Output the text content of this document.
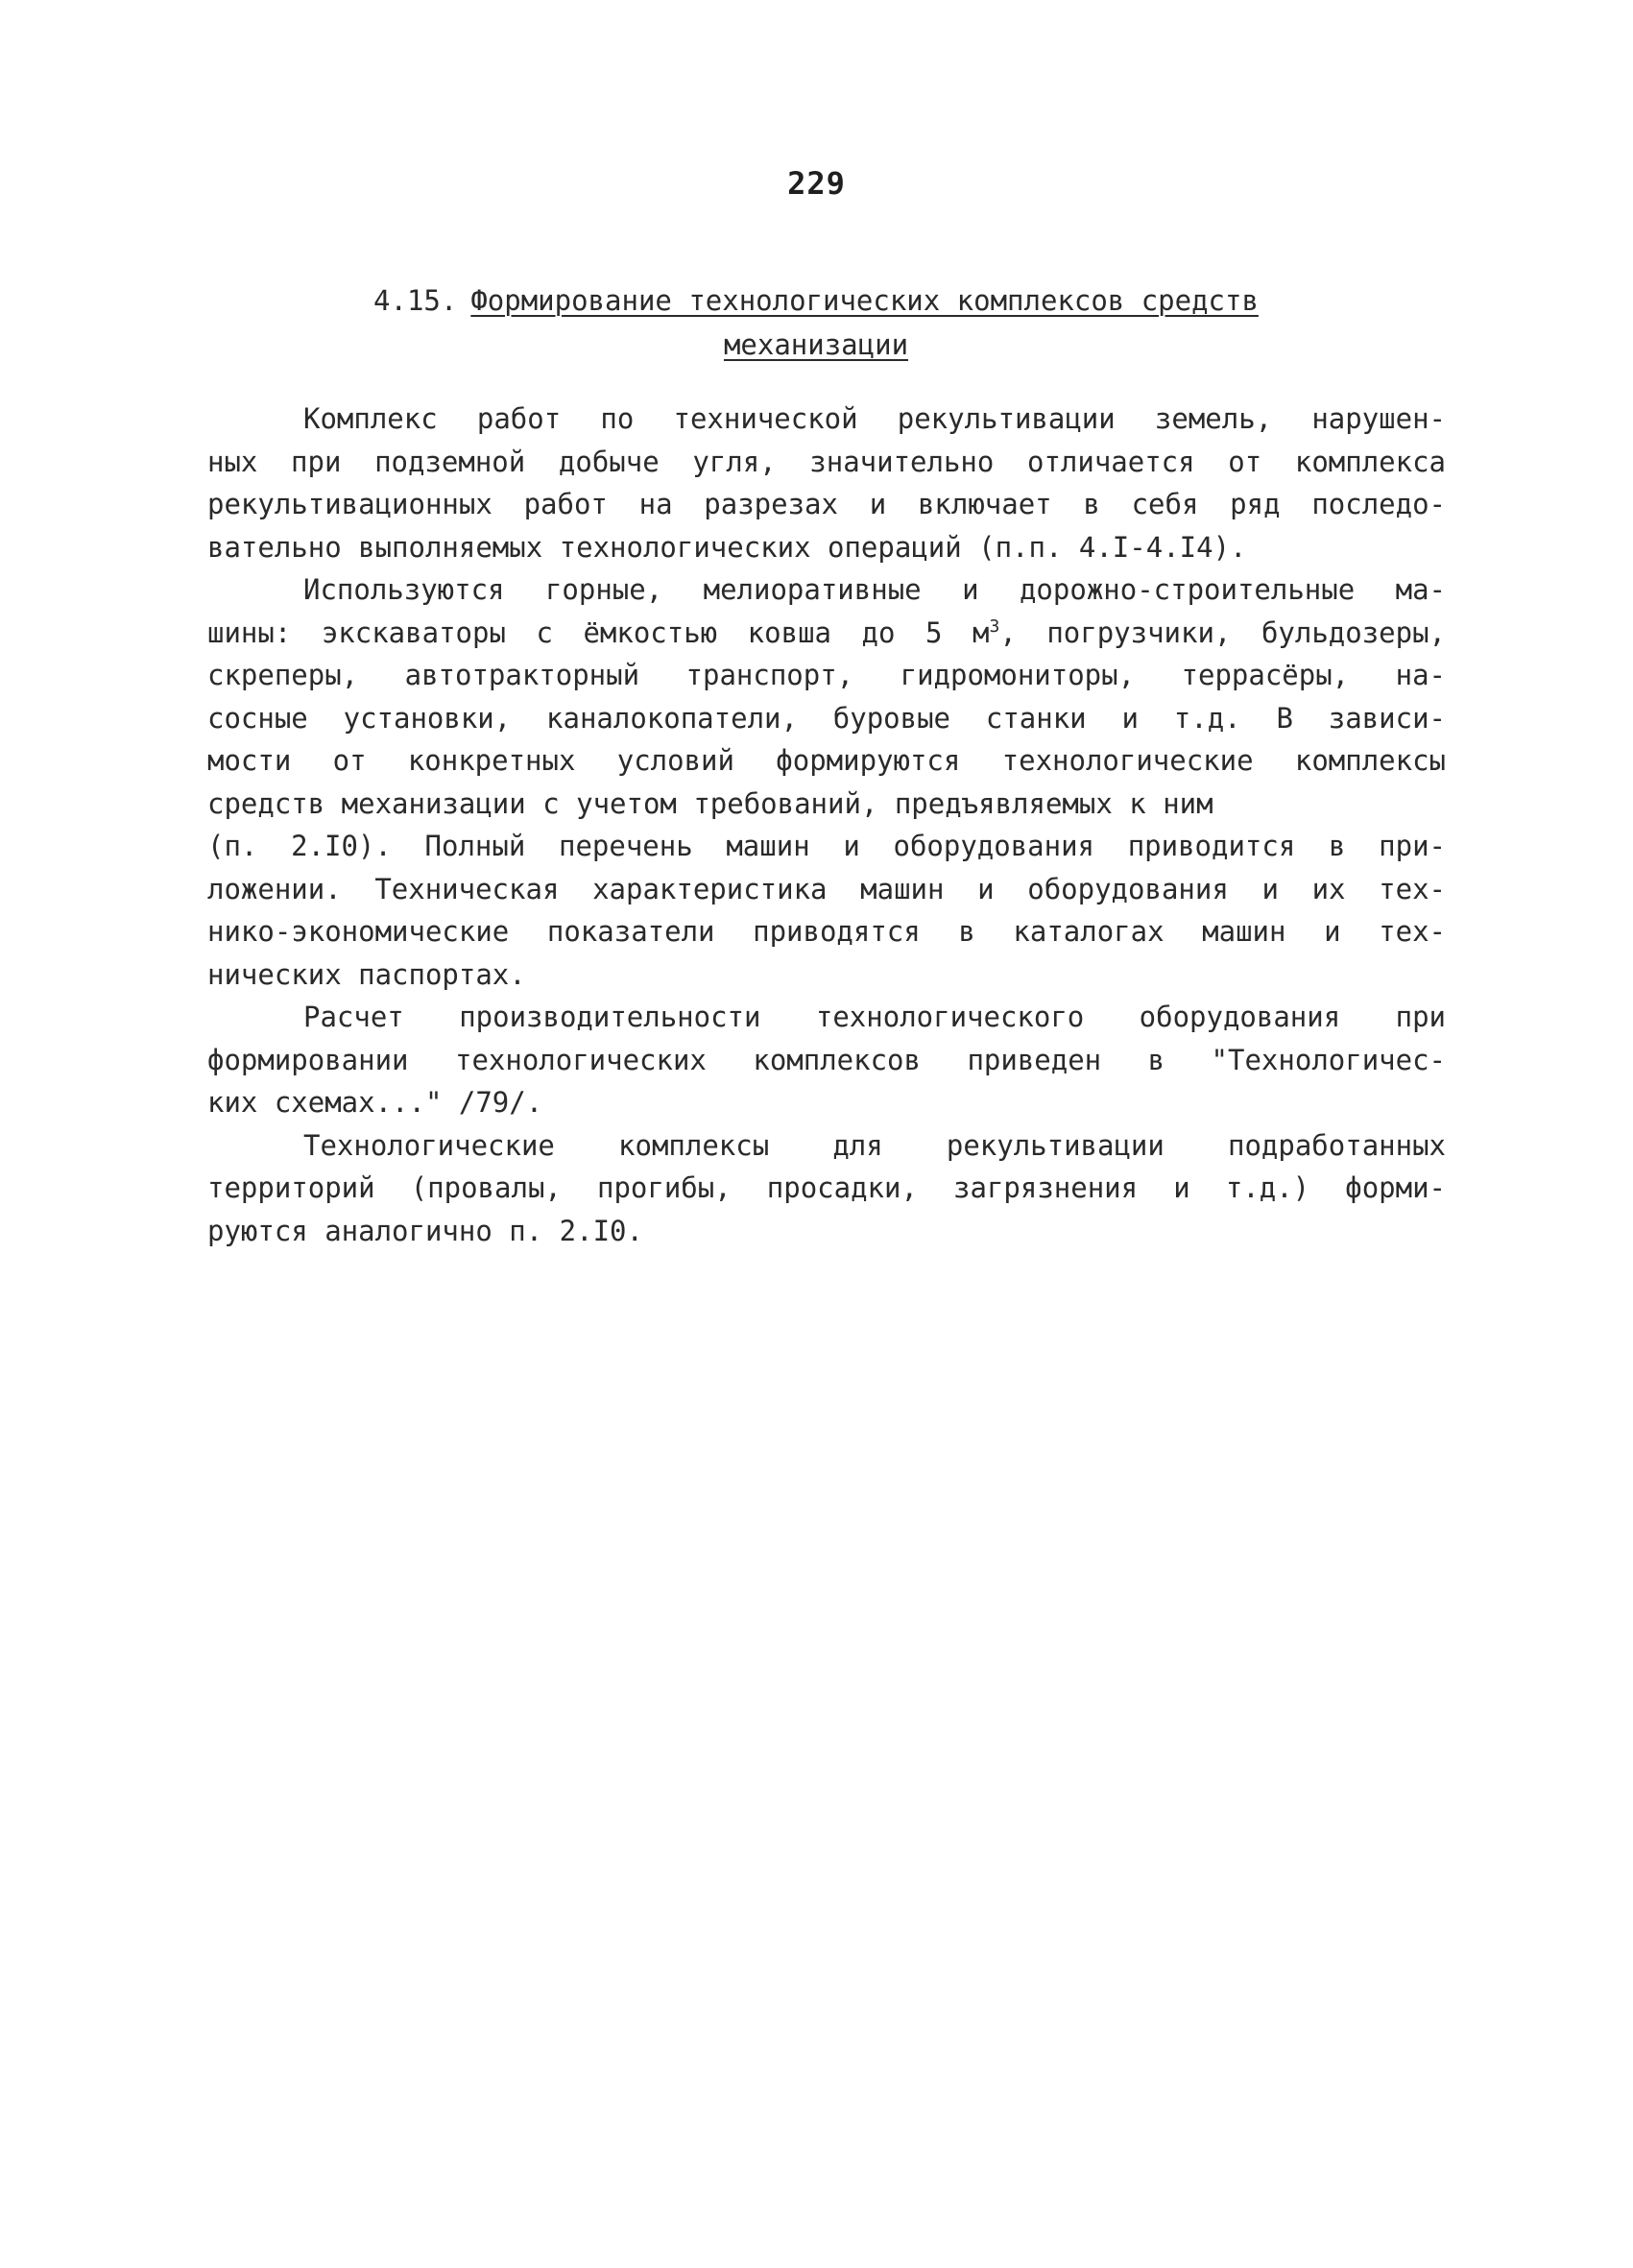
229
4.15. Формирование технологических комплексов средств
механизации

Комплекс работ по технической рекультивации земель, нарушен-
ных при подземной добыче угля, значительно отличается от комплекса
рекультивационных работ на разрезах и включает в себя ряд последо-
вательно выполняемых технологических операций (п.п. 4.I-4.I4).

Используются горные, мелиоративные и дорожно-строительные ма-
шины: экскаваторы с ёмкостью ковша до 5 $м^3$, погрузчики, бульдозеры,
скреперы, автотракторный транспорт, гидромониторы, террасёры, на-
сосные установки, каналокопатели, буровые станки и т.д. В зависи-
мости от конкретных условий формируются технологические комплексы
средств механизации с учетом требований, предъявляемых к ним
(п. 2.I0). Полный перечень машин и оборудования приводится в при-
ложении. Техническая характеристика машин и оборудования и их тех-
нико-экономические показатели приводятся в каталогах машин и тех-
нических паспортах.

Расчет производительности технологического оборудования при
формировании технологических комплексов приведен в "Технологичес-
ких схемах..." /79/.

Технологические комплексы для рекультивации подработанных
территорий (провалы, прогибы, просадки, загрязнения и т.д.) форми-
руются аналогично п. 2.I0.
